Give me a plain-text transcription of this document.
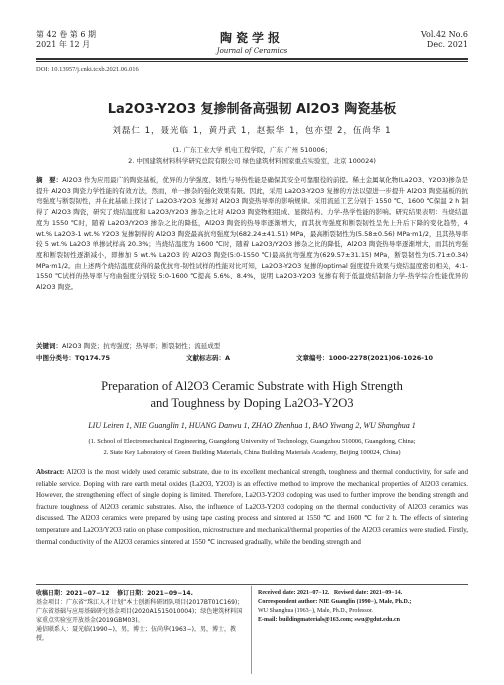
第 42 卷 第 6 期
2021 年 12 月	陶瓷学报
Journal of Ceramics
Vol.42 No.6
Dec. 2021
DOI: 10.13957/j.cnki.tcxb.2021.06.016
La2O3-Y2O3 复掺制备高强韧 Al2O3 陶瓷基板
刘磊仁 1，聂光临 1，黄丹武 1，赵振华 1，包亦望 2，伍尚华 1
(1. 广东工业大学 机电工程学院，广东 广州 510006；
2. 中国建筑材料科学研究总院有限公司 绿色建筑材料国家重点实验室，北京 100024)
摘　要：Al2O3 作为应用最广的陶瓷基板，优异的力学强度、韧性与导热性能是确保其安全可靠服役的前提。稀土金属氧化物(La2O3、Y2O3)掺杂是提升 Al2O3 陶瓷力学性能的有效方法，然而，单一掺杂的强化效果有限。因此，采用 La2O3-Y2O3 复掺的方法以望进一步提升 Al2O3 陶瓷基板的抗弯强度与断裂韧性，并在此基础上探讨了 La2O3-Y2O3 复掺对 Al2O3 陶瓷热导率的影响规律。采用流延工艺分别于 1550 ℃、1600 ℃保温 2 h 制得了 Al2O3 陶瓷，研究了烧结温度和 La2O3/Y2O3 掺杂之比对 Al2O3 陶瓷物相组成、显微结构、力学-热学性能的影响。研究结果表明：当烧结温度为 1550 ℃时，随着 La2O3/Y2O3 掺杂之比的降低，Al2O3 陶瓷的热导率逐渐增大，而其抗弯强度和断裂韧性呈先上升后下降的变化趋势，4 wt.% La2O3-1 wt.% Y2O3 复掺制得的 Al2O3 陶瓷最高抗弯强度为(682.24±41.51) MPa，最高断裂韧性为(5.58±0.56) MPa·m1/2，且其热导率较 5 wt.% La2O3 单掺试样高 20.3%；当烧结温度为 1600 ℃时，随着 La2O3/Y2O3 掺杂之比的降低，Al2O3 陶瓷热导率逐渐增大，而其抗弯强度和断裂韧性逐渐减小，即掺加 5 wt.% La2O3 的 Al2O3 陶瓷(5:0-1550 ℃)最高抗弯强度为(629.57±31.15) MPa，断裂韧性为(5.71±0.34) MPa·m1/2。由上述两个烧结温度获得的最优抗弯-韧性试样的性能对比可知，La2O3-Y2O3 复掺的optimal 强度提升效果与烧结温度密切相关，4:1-1550 ℃试样的热导率与弯曲强度分别较 5:0-1600 ℃提高 5.6%、8.4%，说明 La2O3-Y2O3 复掺有利于低温烧结制备力学-热学综合性能优异的 Al2O3 陶瓷。
关键词：Al2O3 陶瓷；抗弯强度；热导率；断裂韧性；流延成型
中图分类号：TQ174.75	文献标志码：A	文章编号：1000-2278(2021)06-1026-10
Preparation of Al2O3 Ceramic Substrate with High Strength
and Toughness by Doping La2O3-Y2O3
LIU Leiren 1, NIE Guanglin 1, HUANG Danwu 1, ZHAO Zhenhua 1, BAO Yiwang 2, WU Shanghua 1
(1. School of Electromechanical Engineering, Guangdong University of Technology, Guangzhou 510006, Guangdong, China;
2. State Key Laboratory of Green Building Materials, China Building Materials Academy, Beijing 100024, China)
Abstract: Al2O3 is the most widely used ceramic substrate, due to its excellent mechanical strength, toughness and thermal conductivity, for safe and reliable service. Doping with rare earth metal oxides (La2O3, Y2O3) is an effective method to improve the mechanical properties of Al2O3 ceramics. However, the strengthening effect of single doping is limited. Therefore, La2O3-Y2O3 codoping was used to further improve the bending strength and fracture toughness of Al2O3 ceramic substrates. Also, the influence of La2O3-Y2O3 codoping on the thermal conductivity of Al2O3 ceramics was discussed. The Al2O3 ceramics were prepared by using tape casting process and sintered at 1550 ℃ and 1600 ℃ for 2 h. The effects of sintering temperature and La2O3/Y2O3 ratio on phase composition, microstructure and mechanical/thermal properties of the Al2O3 ceramics were studied. Firstly, thermal conductivity of the Al2O3 ceramics sintered at 1550 ℃ increased gradually, while the bending strength and
收稿日期：2021−07−12 修订日期：2021−09−14.
基金项目：广东省“珠江人才计划”本土创新科研团队项目(2017BT01C169)；广东省基础与应用基础研究基金项目(2020A1515010004)；绿色建筑材料国家重点实验室开放基金(2019GBM03)。
通信联系人：聂光临(1990−)，男，博士；伍尚华(1963−)，男，博士，教授。
Received date: 2021−07−12. Revised date: 2021−09−14.
Correspondent author: NIE Guanglin (1990−), Male, Ph.D.;
WU Shanghua (1963−), Male, Ph.D., Professor.
E-mail: buildingmaterials@163.com; swu@gdut.edu.cn
